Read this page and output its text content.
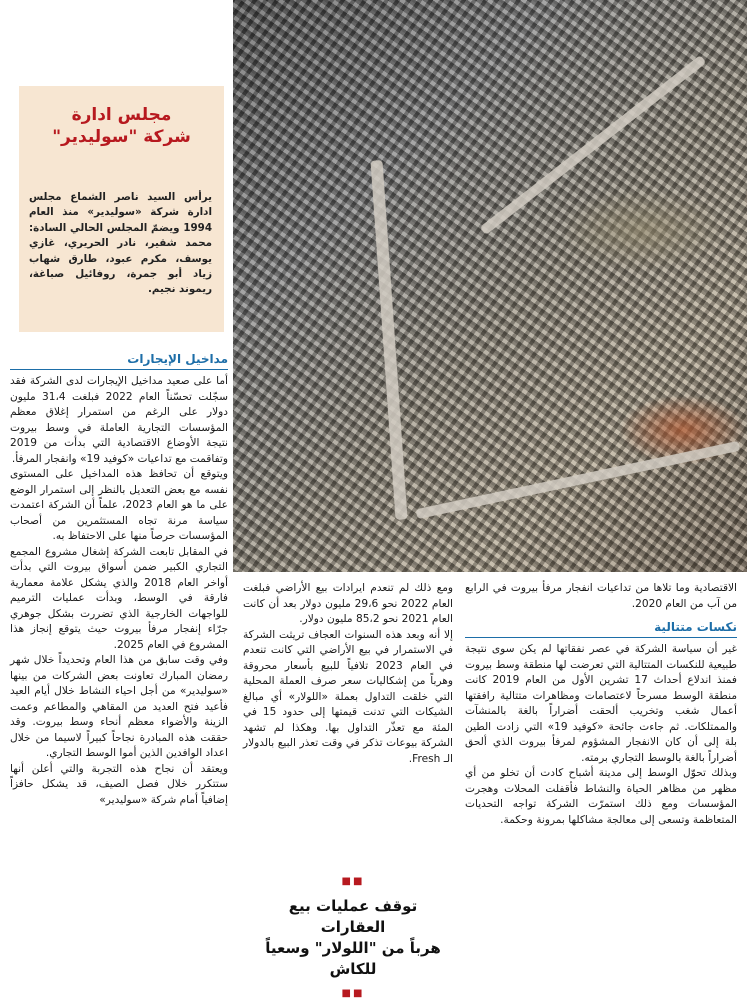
مجلس ادارة
شركة "سوليدير"
يرأس السيد ناصر الشماع مجلس ادارة شركة «سوليدير» منذ العام 1994 ويضمّ المجلس الحالي السادة: محمد شقير، نادر الحريري، غازي يوسف، مكرم عبود، طارق شهاب زياد أبو جمرة، روفائيل صباغة، ريموند نجيم.
مداخيل الإيجارات

أما على صعيد مداخيل الإيجارات لدى الشركة فقد سجّلت تحسّناً العام 2022 فبلغت 31،4 مليون دولار على الرغم من استمرار إغلاق معظم المؤسسات التجارية العاملة في وسط بيروت نتيجة الأوضاع الاقتصادية التي بدأت من 2019 وتفاقمت مع تداعيات «كوفيد 19» وانفجار المرفأ.

ويتوقع أن تحافظ هذه المداخيل على المستوى نفسه مع بعض التعديل بالنظر إلى استمرار الوضع على ما هو العام 2023، علماً أن الشركة اعتمدت سياسة مرنة تجاه المستثمرين من أصحاب المؤسسات حرصاً منها على الاحتفاظ به.

في المقابل تابعت الشركة إشغال مشروع المجمع التجاري الكبير ضمن أسواق بيروت التي بدأت أواخر العام 2018 والذي يشكل علامة معمارية فارقة في الوسط، وبدأت عمليات الترميم للواجهات الخارجية الذي تضررت بشكل جوهري جرّاء إنفجار مرفأ بيروت حيث يتوقع إنجاز هذا المشروع في العام 2025.

وفي وقت سابق من هذا العام وتحديداً خلال شهر رمضان المبارك تعاونت بعض الشركات من بينها «سوليدير» من أجل احياء النشاط خلال أيام العيد فأعيد فتح العديد من المقاهي والمطاعم وعمت الزينة والأضواء معظم أنحاء وسط بيروت. وقد حققت هذه المبادرة نجاحاً كبيراً لاسيما من خلال اعداد الوافدين الذين أموا الوسط التجاري.

ويعتقد أن نجاح هذه التجربة والتي أعلن أنها ستتكرر خلال فصل الصيف، قد يشكل حافزاً إضافياً أمام شركة «سوليدير»

ومع ذلك لم تنعدم ايرادات بيع الأراضي فبلغت العام 2022 نحو 29،6 مليون دولار بعد أن كانت العام 2021 نحو 85،2 مليون دولار.

إلا أنه وبعد هذه السنوات العجاف تريثت الشركة في الاستمرار في بيع الأراضي التي كانت تنعدم في العام 2023 تلافياً للبيع بأسعار محروقة وهرباً من إشكاليات سعر صرف العملة المحلية التي خلقت التداول بعملة «اللولار» أي مبالغ الشيكات التي تدنت قيمتها إلى حدود 15 في المئة مع تعذّر التداول بها. وهكذا لم تشهد الشركة بيوعات تذكر في وقت تعذر البيع بالدولار الـ Fresh.

■■
توقف عمليات بيع العقارات
هرباً من "اللولار" وسعياً للكاش
■■

الاقتصادية وما تلاها من تداعيات انفجار مرفأ بيروت في الرابع من آب من العام 2020.

نكسات متتالية

غير أن سياسة الشركة في عصر نفقاتها لم يكن سوى نتيجة طبيعية للنكسات المتتالية التي تعرضت لها منطقة وسط بيروت فمنذ اندلاع أحداث 17 تشرين الأول من العام 2019 كانت منطقة الوسط مسرحاً لاعتصامات ومظاهرات متتالية رافقتها أعمال شغب وتخريب ألحقت أضراراً بالغة بالمنشآت والممتلكات. ثم جاءت جائحة «كوفيد 19» التي زادت الطين بلة إلى أن كان الانفجار المشؤوم لمرفأ بيروت الذي ألحق أضراراً بالغة بالوسط التجاري برمته.

وبذلك تحوّل الوسط إلى مدينة أشباح كادت أن تخلو من أي مظهر من مظاهر الحياة والنشاط فأقفلت المحلات وهجرت المؤسسات ومع ذلك استمرّت الشركة تواجه التحديات المتعاظمة وتسعى إلى معالجة مشاكلها بمرونة وحكمة.
